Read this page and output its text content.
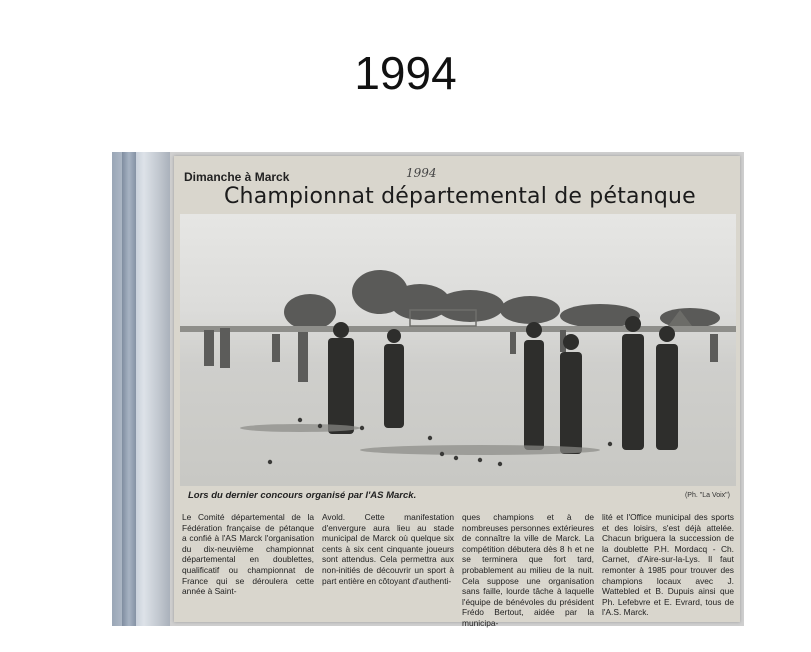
1994
Dimanche à Marck	1994
Championnat départemental de pétanque
Lors du dernier concours organisé par l'AS Marck.	(Ph. "La Voix")
Le Comité départemental de la Fédération française de pétanque a confié à l'AS Marck l'organisation du dix-neuvième championnat départemental en doublettes, qualificatif ou championnat de France qui se déroulera cette année à Saint-
Avold. Cette manifestation d'envergure aura lieu au stade municipal de Marck où quelque six cents à six cent cinquante joueurs sont attendus. Cela permettra aux non-initiés de découvrir un sport à part entière en côtoyant d'authenti-
ques champions et à de nombreuses personnes extérieures de connaître la ville de Marck. La compétition débutera dès 8 h et ne se terminera que fort tard, probablement au milieu de la nuit. Cela suppose une organisation sans faille, lourde tâche à laquelle l'équipe de bénévoles du président Frédo Bertout, aidée par la municipa-
lité et l'Office municipal des sports et des loisirs, s'est déjà attelée. Chacun briguera la succession de la doublette P.H. Mordacq - Ch. Carnet, d'Aire-sur-la-Lys. Il faut remonter à 1985 pour trouver des champions locaux avec J. Wattebled et B. Dupuis ainsi que Ph. Lefebvre et E. Evrard, tous de l'A.S. Marck.
